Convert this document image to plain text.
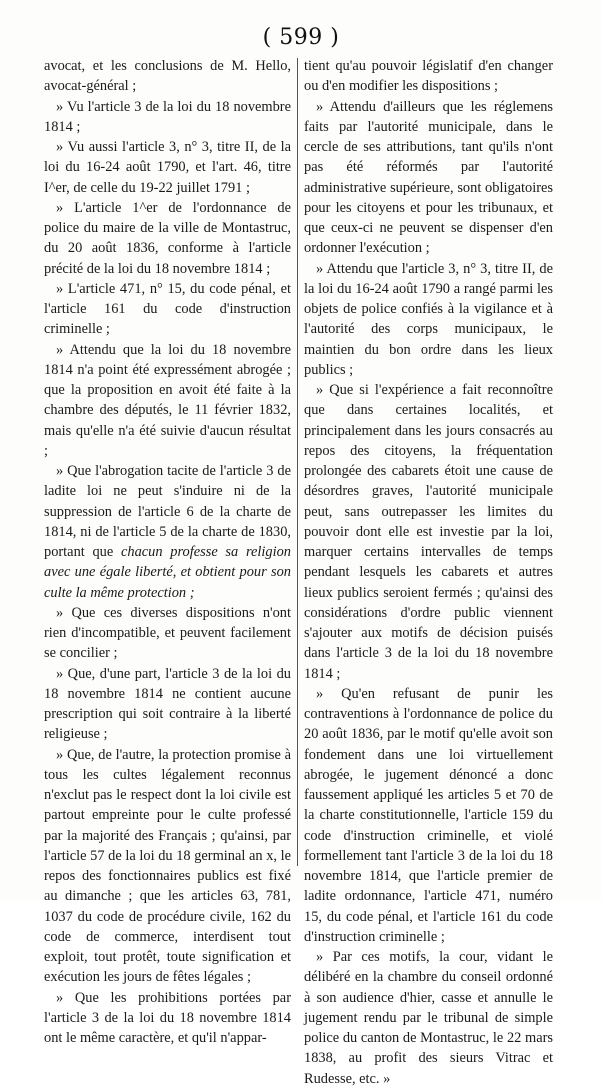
( 599 )

avocat, et les conclusions de M. Hello, avocat-général ;

» Vu l'article 3 de la loi du 18 novembre 1814 ;

» Vu aussi l'article 3, n° 3, titre II, de la loi du 16-24 août 1790, et l'art. 46, titre I^er, de celle du 19-22 juillet 1791 ;

» L'article 1^er de l'ordonnance de police du maire de la ville de Montastruc, du 20 août 1836, conforme à l'article précité de la loi du 18 novembre 1814 ;

» L'article 471, n° 15, du code pénal, et l'article 161 du code d'instruction criminelle ;

» Attendu que la loi du 18 novembre 1814 n'a point été expressément abrogée ; que la proposition en avoit été faite à la chambre des députés, le 11 février 1832, mais qu'elle n'a été suivie d'aucun résultat ;

» Que l'abrogation tacite de l'article 3 de ladite loi ne peut s'induire ni de la suppression de l'article 6 de la charte de 1814, ni de l'article 5 de la charte de 1830, portant que chacun professe sa religion avec une égale liberté, et obtient pour son culte la même protection ;

» Que ces diverses dispositions n'ont rien d'incompatible, et peuvent facilement se concilier ;

» Que, d'une part, l'article 3 de la loi du 18 novembre 1814 ne contient aucune prescription qui soit contraire à la liberté religieuse ;

» Que, de l'autre, la protection promise à tous les cultes légalement reconnus n'exclut pas le respect dont la loi civile est partout empreinte pour le culte professé par la majorité des Français ; qu'ainsi, par l'article 57 de la loi du 18 germinal an x, le repos des fonctionnaires publics est fixé au dimanche ; que les articles 63, 781, 1037 du code de procédure civile, 162 du code de commerce, interdisent tout exploit, tout protêt, toute signification et exécution les jours de fêtes légales ;

» Que les prohibitions portées par l'article 3 de la loi du 18 novembre 1814 ont le même caractère, et qu'il n'appar-

tient qu'au pouvoir législatif d'en changer ou d'en modifier les dispositions ;

» Attendu d'ailleurs que les réglemens faits par l'autorité municipale, dans le cercle de ses attributions, tant qu'ils n'ont pas été réformés par l'autorité administrative supérieure, sont obligatoires pour les citoyens et pour les tribunaux, et que ceux-ci ne peuvent se dispenser d'en ordonner l'exécution ;

» Attendu que l'article 3, n° 3, titre II, de la loi du 16-24 août 1790 a rangé parmi les objets de police confiés à la vigilance et à l'autorité des corps municipaux, le maintien du bon ordre dans les lieux publics ;

» Que si l'expérience a fait reconnoître que dans certaines localités, et principalement dans les jours consacrés au repos des citoyens, la fréquentation prolongée des cabarets étoit une cause de désordres graves, l'autorité municipale peut, sans outrepasser les limites du pouvoir dont elle est investie par la loi, marquer certains intervalles de temps pendant lesquels les cabarets et autres lieux publics seroient fermés ; qu'ainsi des considérations d'ordre public viennent s'ajouter aux motifs de décision puisés dans l'article 3 de la loi du 18 novembre 1814 ;

» Qu'en refusant de punir les contraventions à l'ordonnance de police du 20 août 1836, par le motif qu'elle avoit son fondement dans une loi virtuellement abrogée, le jugement dénoncé a donc faussement appliqué les articles 5 et 70 de la charte constitutionnelle, l'article 159 du code d'instruction criminelle, et violé formellement tant l'article 3 de la loi du 18 novembre 1814, que l'article premier de ladite ordonnance, l'article 471, numéro 15, du code pénal, et l'article 161 du code d'instruction criminelle ;

» Par ces motifs, la cour, vidant le délibéré en la chambre du conseil ordonné à son audience d'hier, casse et annulle le jugement rendu par le tribunal de simple police du canton de Montastruc, le 22 mars 1838, au profit des sieurs Vitrac et Rudesse, etc. »
